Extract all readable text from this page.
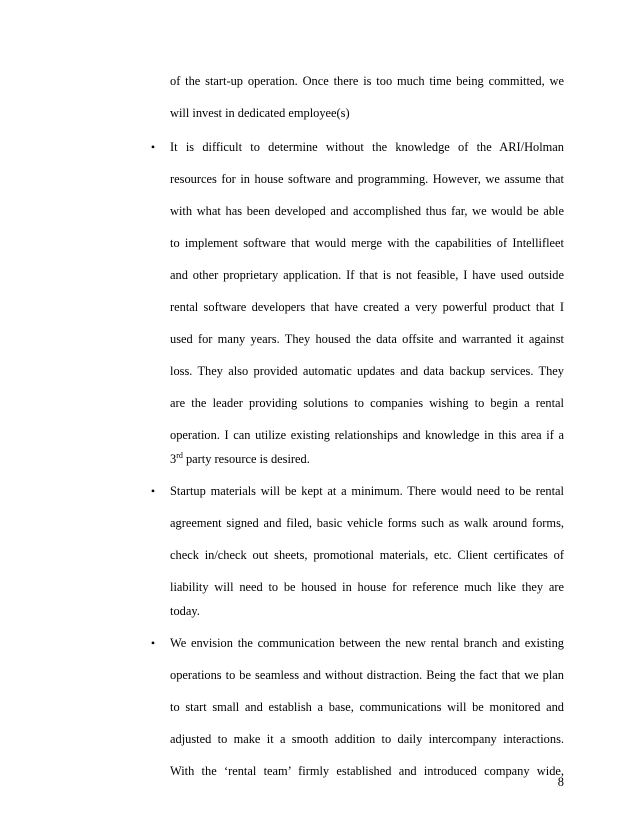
of the start-up operation. Once there is too much time being committed, we
will invest in dedicated employee(s)
• It is difficult to determine without the knowledge of the ARI/Holman
resources for in house software and programming. However, we assume that
with what has been developed and accomplished thus far, we would be able
to implement software that would merge with the capabilities of Intellifleet
and other proprietary application. If that is not feasible, I have used outside
rental software developers that have created a very powerful product that I
used for many years. They housed the data offsite and warranted it against
loss. They also provided automatic updates and data backup services. They
are the leader providing solutions to companies wishing to begin a rental
operation. I can utilize existing relationships and knowledge in this area if a
3rd party resource is desired.
• Startup materials will be kept at a minimum. There would need to be rental
agreement signed and filed, basic vehicle forms such as walk around forms,
check in/check out sheets, promotional materials, etc. Client certificates of
liability will need to be housed in house for reference much like they are
today.
• We envision the communication between the new rental branch and existing
operations to be seamless and without distraction. Being the fact that we plan
to start small and establish a base, communications will be monitored and
adjusted to make it a smooth addition to daily intercompany interactions.
With the ‘rental team’ firmly established and introduced company wide,
8
